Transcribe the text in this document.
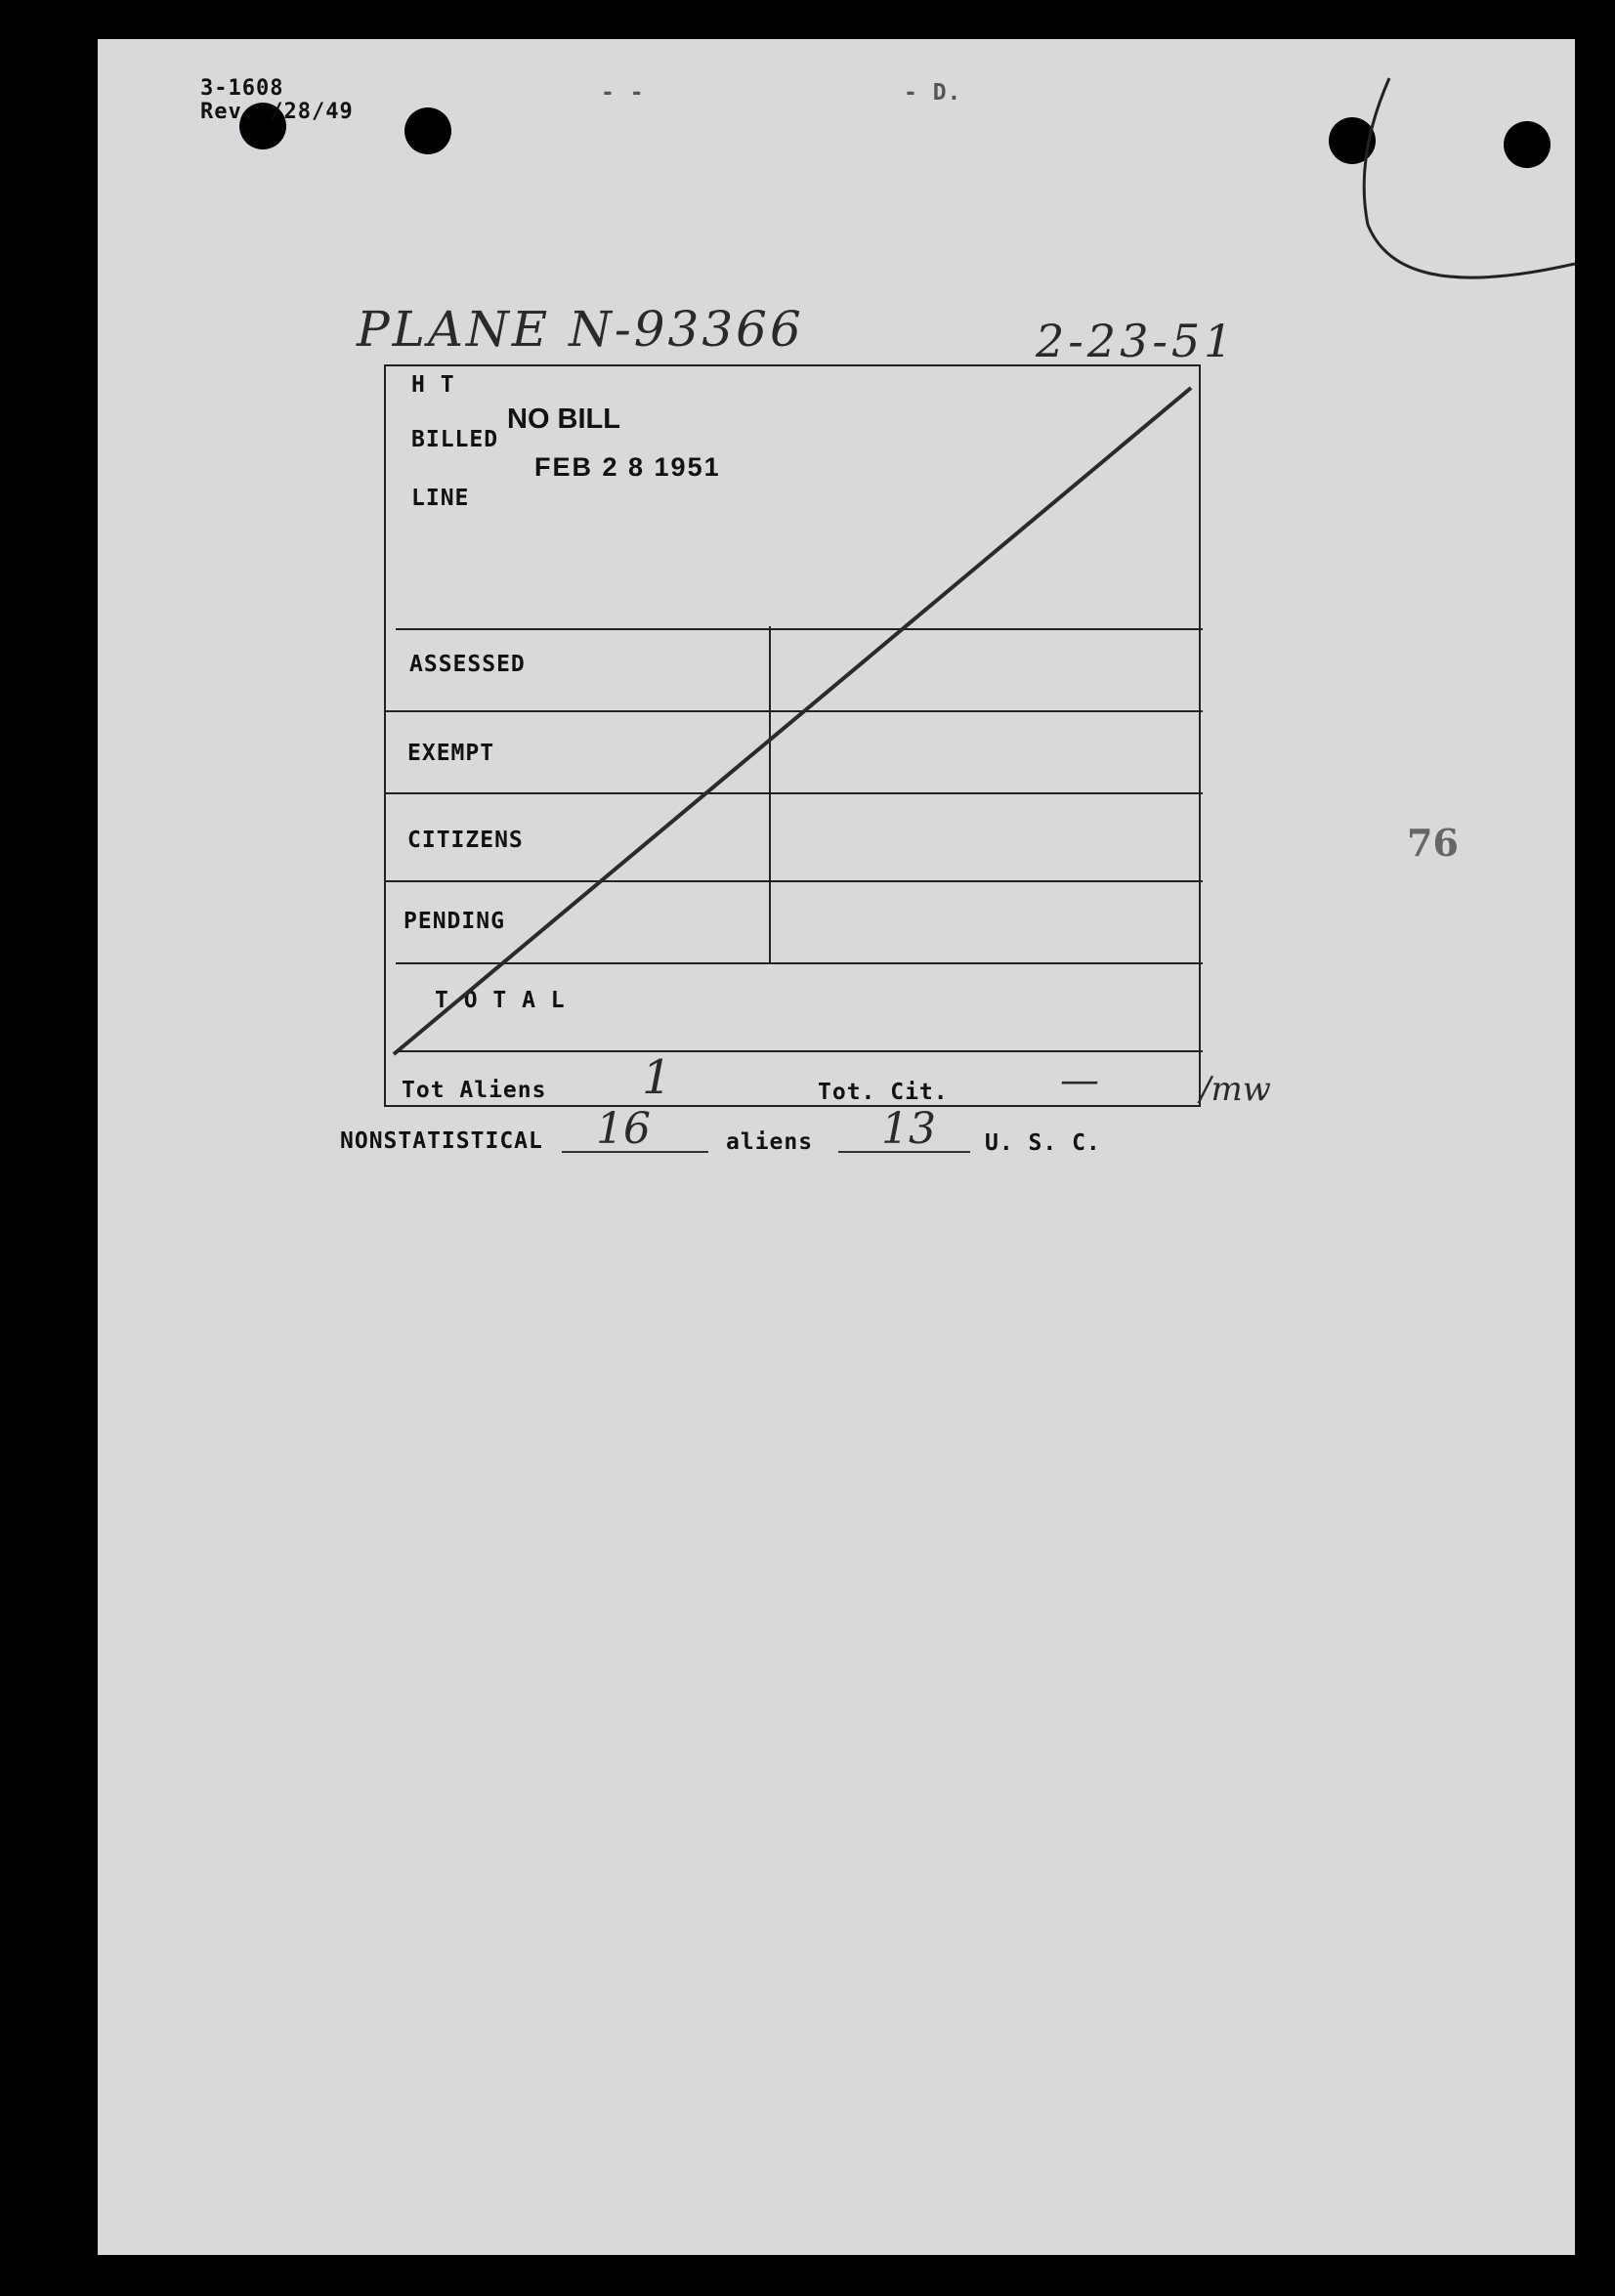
3-1608
Rev. /28/49
- -	- D.
PLANE N-93366	2-23-51
76
H T
BILLED
LINE
NO BILL
FEB 2 8 1951
ASSESSED
EXEMPT
CITIZENS
PENDING
T O T A L
Tot Aliens	Tot. Cit.
1	—	/mw
NONSTATISTICAL 16	aliens 13 U. S. C.
